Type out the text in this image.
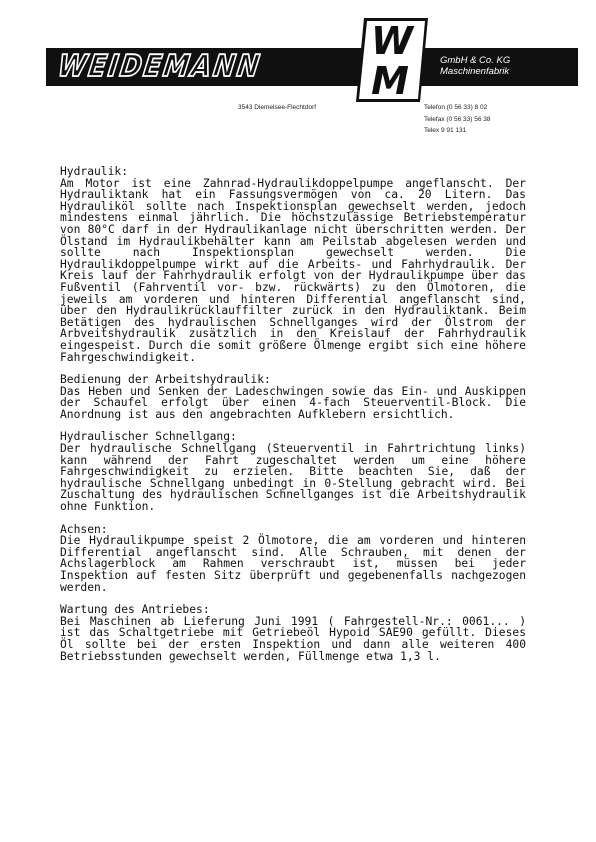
WEIDEMANN
W
M	GmbH & Co. KG
Maschinenfabrik
3543 Diemelsee-Flechtdorf	Telefon (0 56 33) 8 02
Telefax (0 56 33) 56 38
Telex 9 91 131
Hydraulik:
Am Motor ist eine Zahnrad-Hydraulikdoppelpumpe angeflanscht. Der Hydrauliktank hat ein Fassungsvermögen von ca. 20 Litern. Das Hydrauliköl sollte nach Inspektionsplan gewechselt werden, jedoch mindestens einmal jährlich. Die höchstzulässige Betriebstemperatur von 80°C darf in der Hydraulikanlage nicht überschritten werden. Der Ölstand im Hydraulikbehälter kann am Peilstab abgelesen werden und sollte nach Inspektionsplan gewechselt werden. Die Hydraulikdoppelpumpe wirkt auf die Arbeits- und Fahrhydraulik. Der Kreis lauf der Fahrhydraulik erfolgt von der Hydraulikpumpe über das Fußventil (Fahrventil vor- bzw. rückwärts) zu den Ölmotoren, die jeweils am vorderen und hinteren Differential angeflanscht sind, über den Hydraulikrücklauffilter zurück in den Hydrauliktank. Beim Betätigen des hydraulischen Schnellganges wird der Ölstrom der Arbveitshydraulik zusätzlich in den Kreislauf der Fahrhydraulik eingespeist. Durch die somit größere Ölmenge ergibt sich eine höhere Fahrgeschwindigkeit.
Bedienung der Arbeitshydraulik:
Das Heben und Senken der Ladeschwingen sowie das Ein- und Auskippen der Schaufel erfolgt über einen 4-fach Steuerventil-Block. Die Anordnung ist aus den angebrachten Aufklebern ersichtlich.
Hydraulischer Schnellgang:
Der hydraulische Schnellgang (Steuerventil in Fahrtrichtung links) kann während der Fahrt zugeschaltet werden um eine höhere Fahrgeschwindigkeit zu erzielen. Bitte beachten Sie, daß der hydraulische Schnellgang unbedingt in 0-Stellung gebracht wird. Bei Zuschaltung des hydraulischen Schnellganges ist die Arbeitshydraulik ohne Funktion.
Achsen:
Die Hydraulikpumpe speist 2 Ölmotore, die am vorderen und hinteren Differential angeflanscht sind. Alle Schrauben, mit denen der Achslagerblock am Rahmen verschraubt ist, müssen bei jeder Inspektion auf festen Sitz überprüft und gegebenenfalls nachgezogen werden.
Wartung des Antriebes:
Bei Maschinen ab Lieferung Juni 1991 ( Fahrgestell-Nr.: 0061... ) ist das Schaltgetriebe mit Getriebeöl Hypoid SAE90 gefüllt. Dieses Öl sollte bei der ersten Inspektion und dann alle weiteren 400 Betriebsstunden gewechselt werden, Füllmenge etwa 1,3 l.
